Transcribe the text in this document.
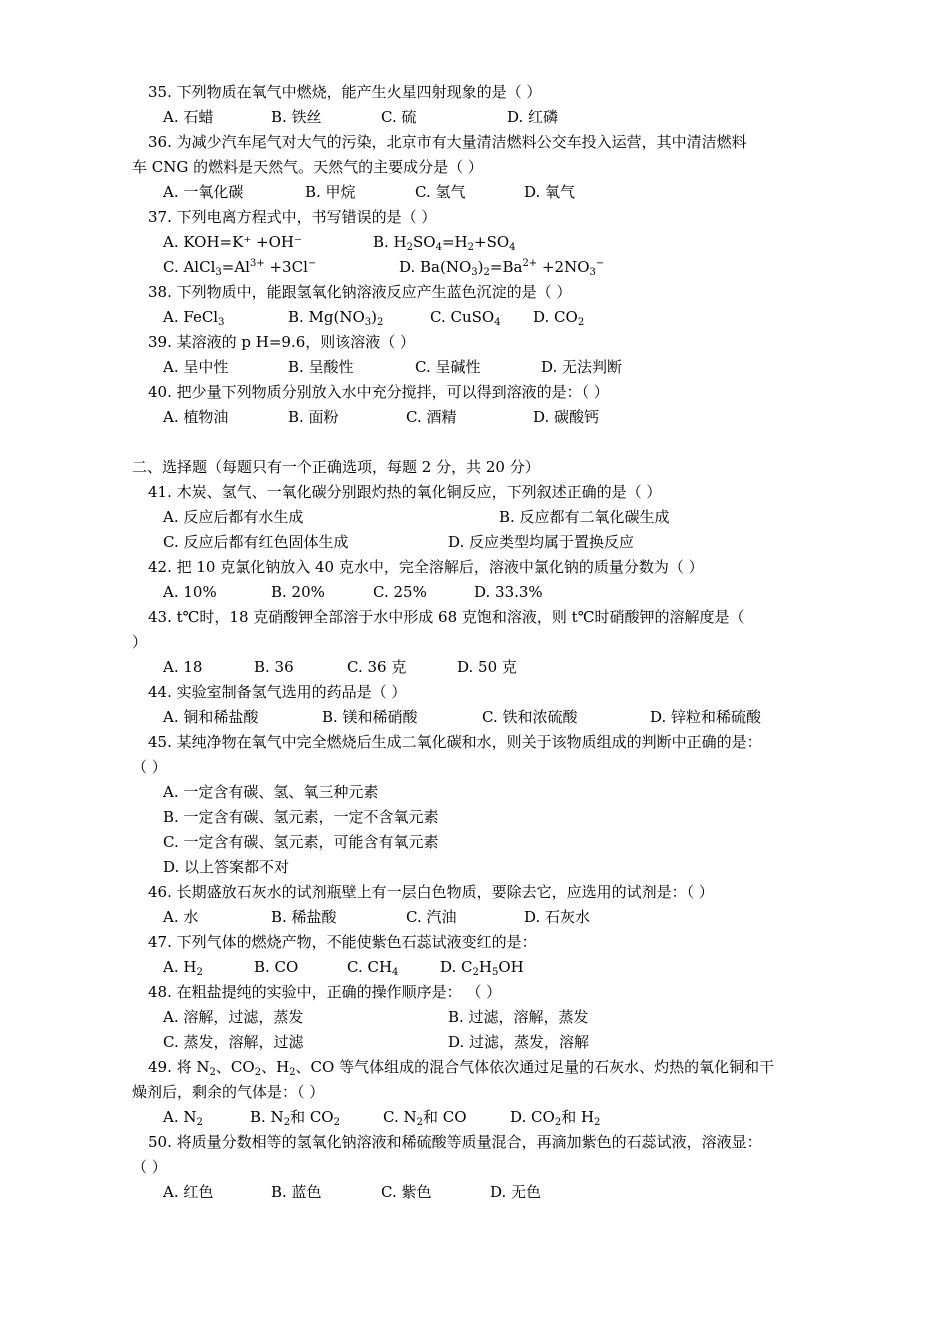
35. 下列物质在氧气中燃烧，能产生火星四射现象的是（ ）
A. 石蜡	B. 铁丝	C. 硫	D. 红磷
36. 为减少汽车尾气对大气的污染，北京市有大量清洁燃料公交车投入运营，其中清洁燃料
车 CNG 的燃料是天然气。天然气的主要成分是（ ）
A. 一氧化碳	B. 甲烷	C. 氢气	D. 氧气
37. 下列电离方程式中，书写错误的是（ ）
A. KOH=K⁺ +OH⁻	B. $H_2SO_4=H_2+SO_4$
C. $AlCl_3=Al^{3+} +3Cl^-$	D. $Ba(NO_3)_2=Ba^{2+} +2NO_3^-$
38. 下列物质中，能跟氢氧化钠溶液反应产生蓝色沉淀的是（ ）
A. FeCl$_3$	B. $Mg(NO_3)_2$	C. CuSO$_4$ D. $CO_2$
39. 某溶液的 p H=9.6，则该溶液（ ）
A. 呈中性	B. 呈酸性	C. 呈碱性	D. 无法判断
40. 把少量下列物质分别放入水中充分搅拌，可以得到溶液的是：（ ）
A. 植物油	B. 面粉	C. 酒精	D. 碳酸钙
二、选择题（每题只有一个正确选项，每题 2 分，共 20 分）
41. 木炭、氢气、一氧化碳分别跟灼热的氧化铜反应，下列叙述正确的是（ ）
A. 反应后都有水生成	B. 反应都有二氧化碳生成
C. 反应后都有红色固体生成	D. 反应类型均属于置换反应
42. 把 10 克氯化钠放入 40 克水中，完全溶解后，溶液中氯化钠的质量分数为（ ）
A. 10%	B. 20%	C. 25%	D. 33.3%
43. t℃时，18 克硝酸钾全部溶于水中形成 68 克饱和溶液，则 t℃时硝酸钾的溶解度是（
）
A. 18	B. 36	C. 36 克	D. 50 克
44. 实验室制备氢气选用的药品是（ ）
A. 铜和稀盐酸	B. 镁和稀硝酸	C. 铁和浓硫酸	D. 锌粒和稀硫酸
45. 某纯净物在氧气中完全燃烧后生成二氧化碳和水，则关于该物质组成的判断中正确的是：
（ ）
A. 一定含有碳、氢、氧三种元素
B. 一定含有碳、氢元素，一定不含氧元素
C. 一定含有碳、氢元素，可能含有氧元素
D. 以上答案都不对
46. 长期盛放石灰水的试剂瓶壁上有一层白色物质，要除去它，应选用的试剂是：（ ）
A. 水	B. 稀盐酸	C. 汽油	D. 石灰水
47. 下列气体的燃烧产物，不能使紫色石蕊试液变红的是：
A. $H_2$	B. CO	C. $CH_4$	D. $C_2H_5OH$
48. 在粗盐提纯的实验中，正确的操作顺序是： （ ）
A. 溶解，过滤，蒸发	B. 过滤，溶解，蒸发
C. 蒸发，溶解，过滤	D. 过滤，蒸发，溶解
49. 将 $N_2$、$CO_2$、$H_2$、CO 等气体组成的混合气体依次通过足量的石灰水、灼热的氧化铜和干
燥剂后，剩余的气体是：（ ）
A. $N_2$	B. $N_2$和 $CO_2$	C. $N_2$和 CO	D. $CO_2$和 $H_2$
50. 将质量分数相等的氢氧化钠溶液和稀硫酸等质量混合，再滴加紫色的石蕊试液，溶液显：
（ ）
A. 红色	B. 蓝色	C. 紫色	D. 无色
